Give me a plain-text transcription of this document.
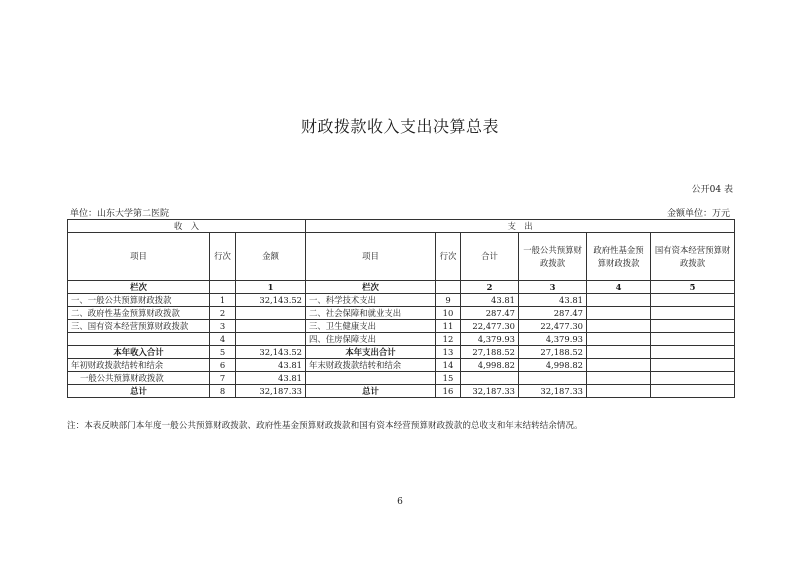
财政拨款收入支出决算总表
公开04 表
单位：山东大学第二医院	金额单位：万元
收　入			支　出					
项目	行次	金额	项目	行次	合计	一般公共预算财政拨款	政府性基金预算财政拨款	国有资本经营预算财政拨款
栏次		1	栏次		2	3	4	5
一、一般公共预算财政拨款	1	32,143.52	一、科学技术支出	9	43.81	43.81		
二、政府性基金预算财政拨款	2		二、社会保障和就业支出	10	287.47	287.47		
三、国有资本经营预算财政拨款	3		三、卫生健康支出	11	22,477.30	22,477.30		
	4		四、住房保障支出	12	4,379.93	4,379.93		
本年收入合计	5	32,143.52	本年支出合计	13	27,188.52	27,188.52		
年初财政拨款结转和结余	6	43.81	年末财政拨款结转和结余	14	4,998.82	4,998.82		
一般公共预算财政拨款	7	43.81		15				
总计	8	32,187.33	总计	16	32,187.33	32,187.33		
注：本表反映部门本年度一般公共预算财政拨款、政府性基金预算财政拨款和国有资本经营预算财政拨款的总收支和年末结转结余情况。
6
